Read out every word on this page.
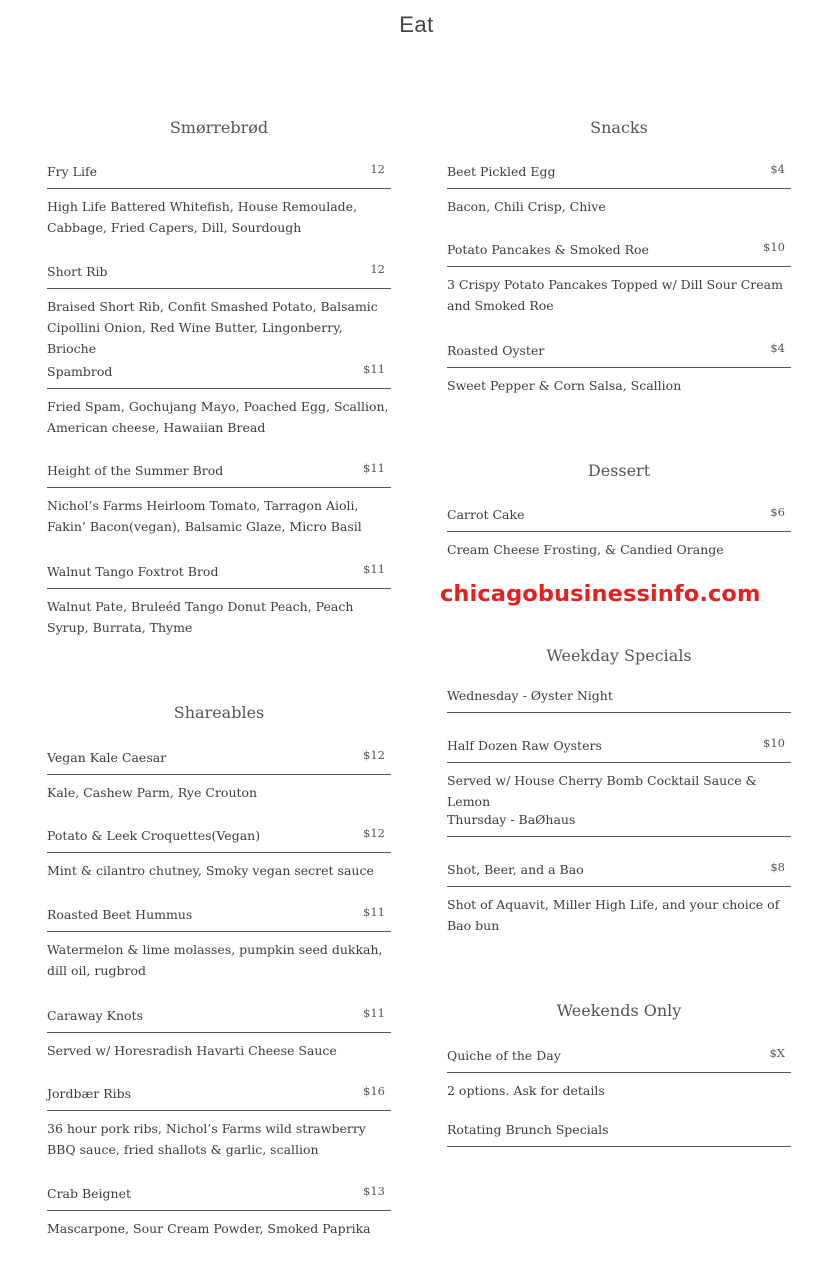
Eat
Smørrebrød
Fry Life	12
High Life Battered Whitefish, House Remoulade, Cabbage, Fried Capers, Dill, Sourdough
Short Rib	12
Braised Short Rib, Confit Smashed Potato, Balsamic Cipollini Onion, Red Wine Butter, Lingonberry, Brioche
Spambrod	$11
Fried Spam, Gochujang Mayo, Poached Egg, Scallion, American cheese, Hawaiian Bread
Height of the Summer Brod	$11
Nichol’s Farms Heirloom Tomato, Tarragon Aioli, Fakin’ Bacon(vegan), Balsamic Glaze, Micro Basil
Walnut Tango Foxtrot Brod	$11
Walnut Pate, Bruleéd Tango Donut Peach, Peach Syrup, Burrata, Thyme
Shareables
Vegan Kale Caesar	$12
Kale, Cashew Parm, Rye Crouton
Potato & Leek Croquettes(Vegan)	$12
Mint & cilantro chutney, Smoky vegan secret sauce
Roasted Beet Hummus	$11
Watermelon & lime molasses, pumpkin seed dukkah, dill oil, rugbrod
Caraway Knots	$11
Served w/ Horesradish Havarti Cheese Sauce
Jordbær Ribs	$16
36 hour pork ribs, Nichol’s Farms wild strawberry BBQ sauce, fried shallots & garlic, scallion
Crab Beignet	$13
Mascarpone, Sour Cream Powder, Smoked Paprika
Snacks
Beet Pickled Egg	$4
Bacon, Chili Crisp, Chive
Potato Pancakes & Smoked Roe	$10
3 Crispy Potato Pancakes Topped w/ Dill Sour Cream and Smoked Roe
Roasted Oyster	$4
Sweet Pepper & Corn Salsa, Scallion
Dessert
Carrot Cake	$6
Cream Cheese Frosting, & Candied Orange
Weekday Specials
Wednesday - Øyster Night
Half Dozen Raw Oysters	$10
Served w/ House Cherry Bomb Cocktail Sauce & Lemon
Thursday - BaØhaus
Shot, Beer, and a Bao	$8
Shot of Aquavit, Miller High Life, and your choice of Bao bun
Weekends Only
Quiche of the Day	$X
2 options. Ask for details
Rotating Brunch Specials
chicagobusinessinfo.com
